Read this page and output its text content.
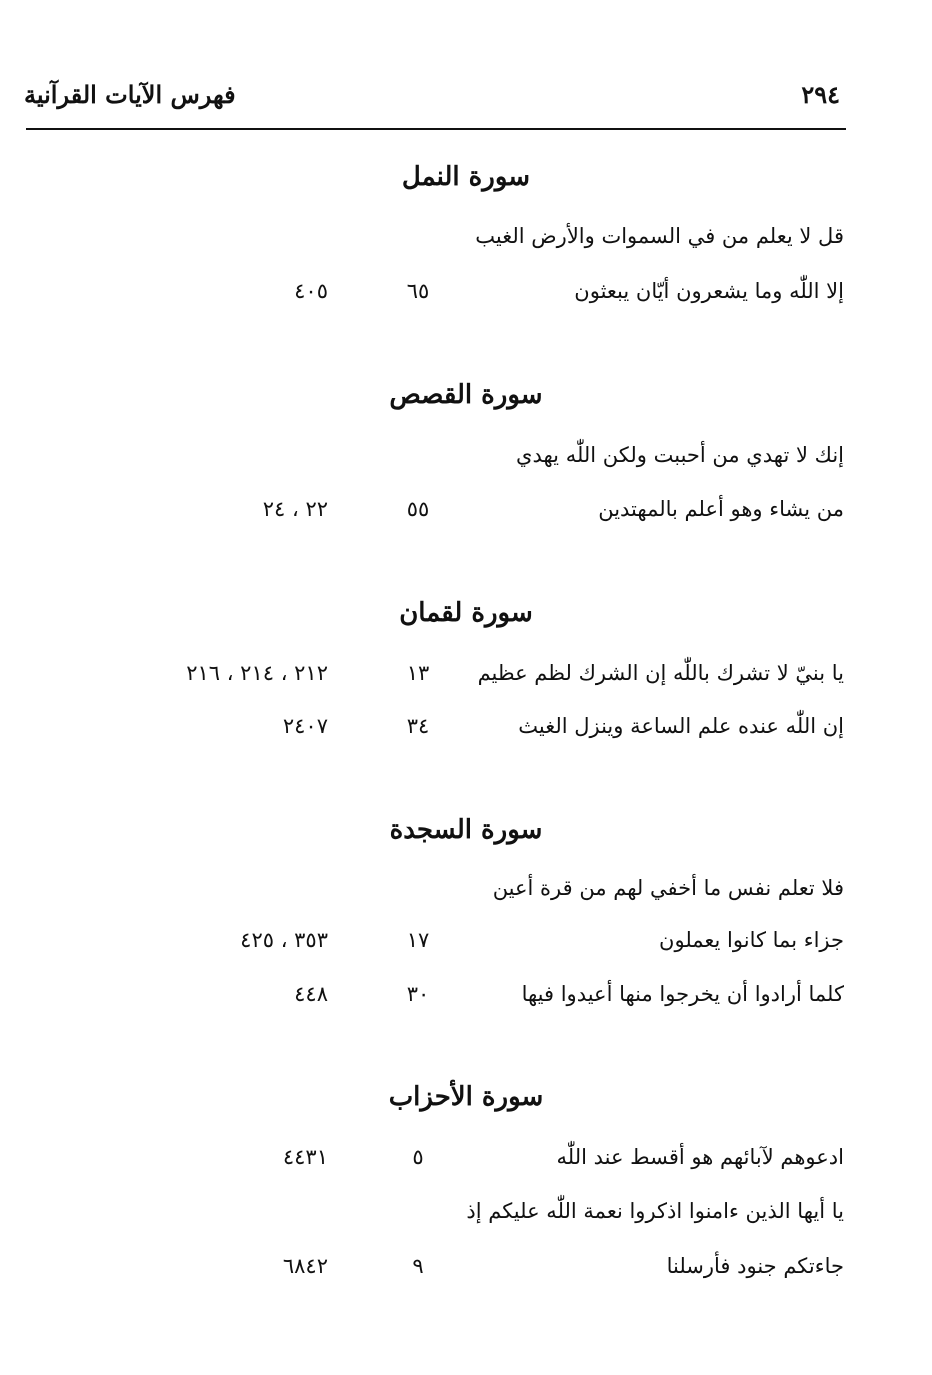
٢٩٤
فهرس الآيات القرآنية
سورة النمل
قل لا يعلم من في السموات والأرض الغيب
إلا اللّٰه وما يشعرون أيّان يبعثون
٦٥
٤٠٥
سورة القصص
إنك لا تهدي من أحببت ولكن اللّٰه يهدي
من يشاء وهو أعلم بالمهتدين
٥٥
٢٢ ، ٢٤
سورة لقمان
يا بنيّ لا تشرك باللّٰه إن الشرك لظم عظيم
١٣
٢١٢ ، ٢١٤ ، ٢١٦
إن اللّٰه عنده علم الساعة وينزل الغيث
٣٤
٢٤٠٧
سورة السجدة
فلا تعلم نفس ما أخفي لهم من قرة أعين
جزاء بما كانوا يعملون
١٧
٣٥٣ ، ٤٢٥
كلما أرادوا أن يخرجوا منها أعيدوا فيها
٣٠
٤٤٨
سورة الأحزاب
ادعوهم لآبائهم هو أقسط عند اللّٰه
٥
٤٤٣١
يا أيها الذين ءامنوا اذكروا نعمة اللّٰه عليكم إذ
جاءتكم جنود فأرسلنا
٩
٦٨٤٢
